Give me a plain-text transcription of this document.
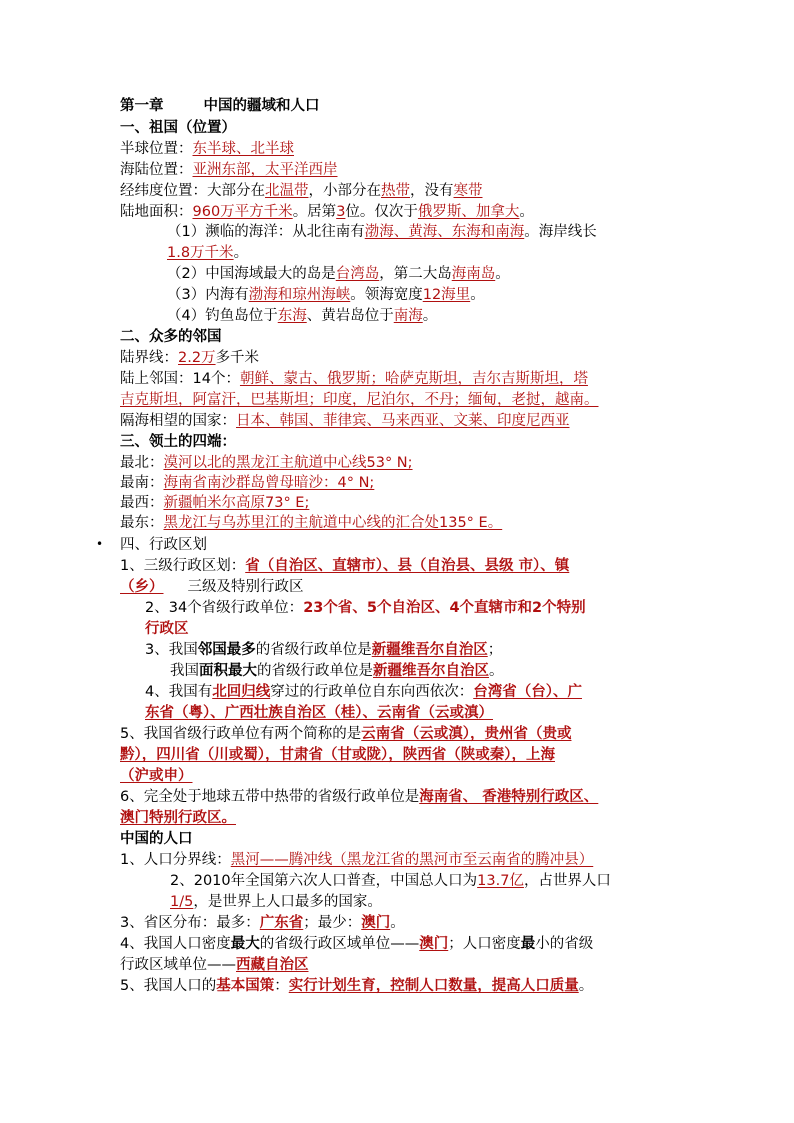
第一章	中国的疆域和人口
一、祖国（位置）
半球位置：东半球、北半球
海陆位置：亚洲东部，太平洋西岸
经纬度位置：大部分在北温带，小部分在热带，没有寒带
陆地面积：960万平方千米。居第3位。仅次于俄罗斯、加拿大。
（1）濒临的海洋：从北往南有渤海、黄海、东海和南海。海岸线长
1.8万千米。
（2）中国海域最大的岛是台湾岛，第二大岛海南岛。
（3）内海有渤海和琼州海峡。领海宽度12海里。
（4）钓鱼岛位于东海、黄岩岛位于南海。
二、众多的邻国
陆界线：2.2万多千米
陆上邻国：14个：朝鲜、蒙古、俄罗斯；哈萨克斯坦，吉尔吉斯斯坦，塔
吉克斯坦，阿富汗，巴基斯坦；印度，尼泊尔，不丹；缅甸，老挝，越南。
隔海相望的国家：日本、韩国、菲律宾、马来西亚、文莱、印度尼西亚
三、领土的四端：
最北：漠河以北的黑龙江主航道中心线53° N;
最南：海南省南沙群岛曾母暗沙：4° N;
最西：新疆帕米尔高原73° E;
最东：黑龙江与乌苏里江的主航道中心线的汇合处135° E。
• 四、行政区划
1、三级行政区划：省（自治区、直辖市）、县（自治县、县级 市）、镇
（乡） 三级及特别行政区
2、34个省级行政单位：23个省、5个自治区、4个直辖市和2个特别
行政区
3、我国邻国最多的省级行政单位是新疆维吾尔自治区；
我国面积最大的省级行政单位是新疆维吾尔自治区。
4、我国有北回归线穿过的行政单位自东向西依次：台湾省（台）、广
东省（粤）、广西壮族自治区（桂）、云南省（云或滇）
5、我国省级行政单位有两个简称的是云南省（云或滇），贵州省（贵或
黔），四川省（川或蜀），甘肃省（甘或陇），陕西省（陕或秦），上海
（沪或申）
6、完全处于地球五带中热带的省级行政单位是海南省、 香港特别行政区、
澳门特别行政区。
中国的人口
1、人口分界线：黑河——腾冲线（黑龙江省的黑河市至云南省的腾冲县）
2、2010年全国第六次人口普查，中国总人口为13.7亿，占世界人口
1/5，是世界上人口最多的国家。
3、省区分布：最多：广东省；最少：澳门。
4、我国人口密度最大的省级行政区域单位——澳门；人口密度最小的省级
行政区域单位——西藏自治区
5、我国人口的基本国策：实行计划生育，控制人口数量，提高人口质量。
